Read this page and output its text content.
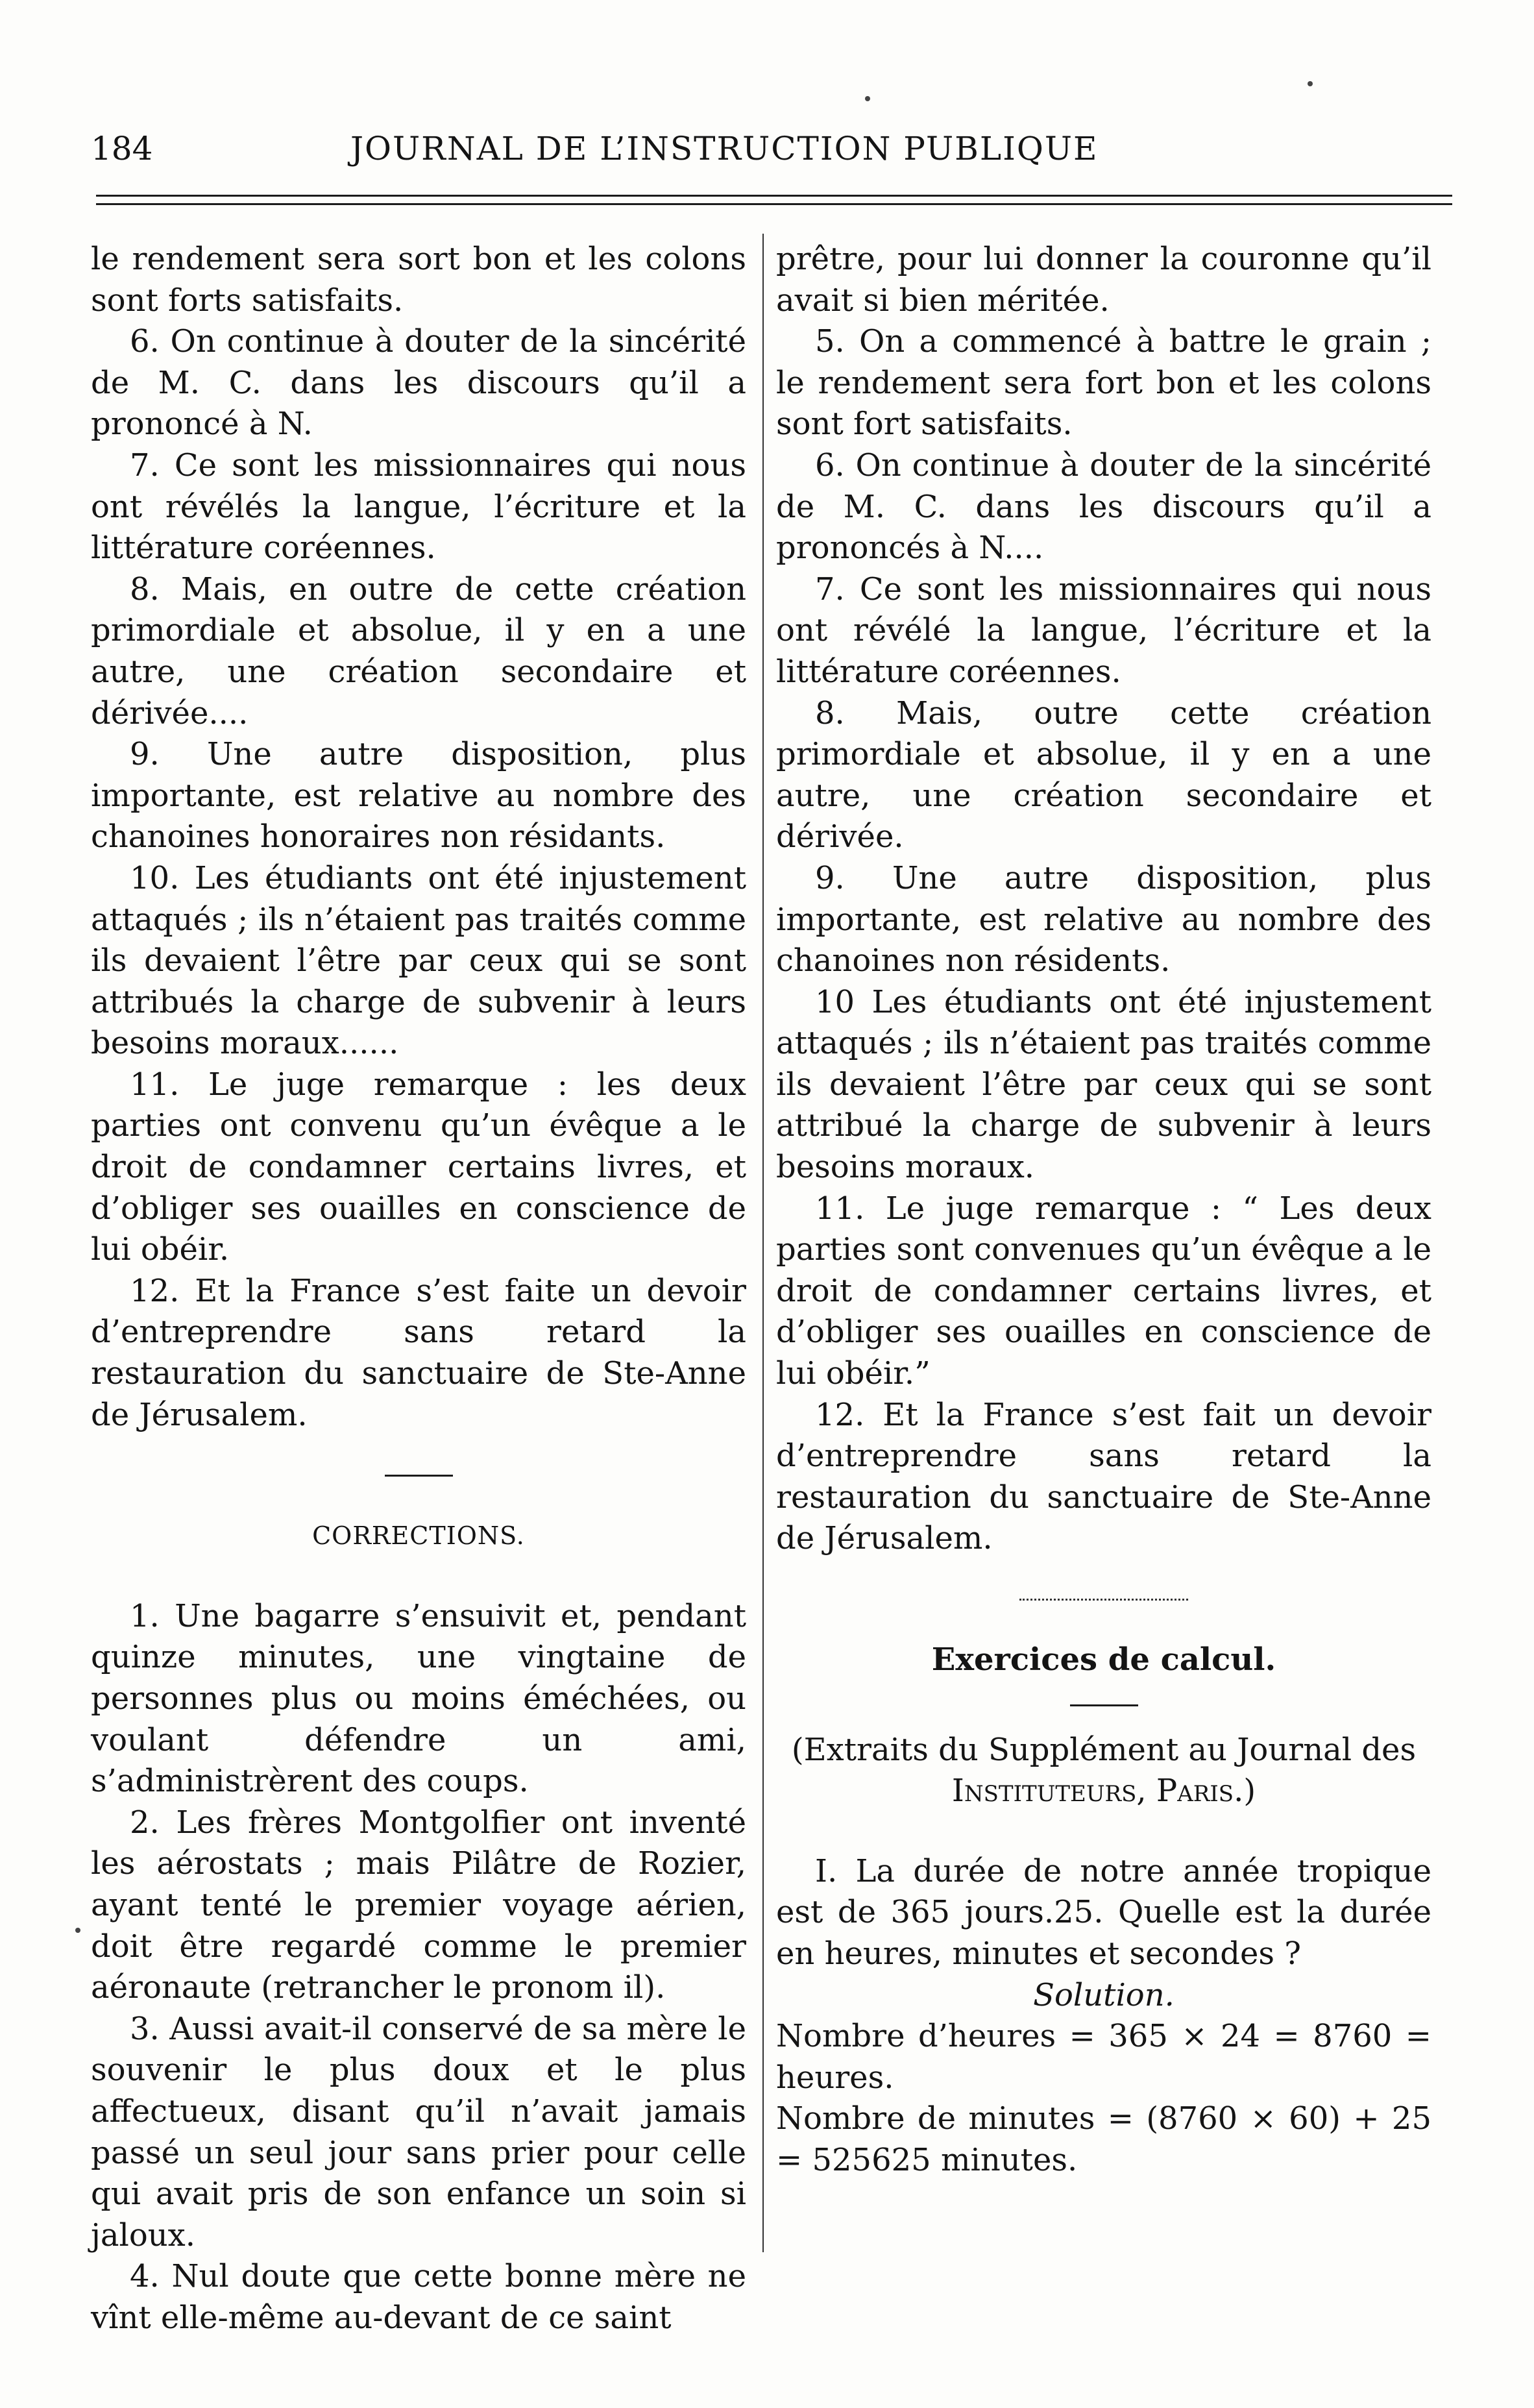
184	JOURNAL DE L’INSTRUCTION PUBLIQUE

le rendement sera sort bon et les colons sont forts satisfaits.

6. On continue à douter de la sincérité de M. C. dans les discours qu’il a prononcé à N.

7. Ce sont les missionnaires qui nous ont révélés la langue, l’écriture et la littérature coréennes.

8. Mais, en outre de cette création primordiale et absolue, il y en a une autre, une création secondaire et dérivée....

9. Une autre disposition, plus importante, est relative au nombre des chanoines honoraires non résidants.

10. Les étudiants ont été injustement attaqués ; ils n’étaient pas traités comme ils devaient l’être par ceux qui se sont attribués la charge de subvenir à leurs besoins moraux......

11. Le juge remarque : les deux parties ont convenu qu’un évêque a le droit de condamner certains livres, et d’obliger ses ouailles en conscience de lui obéir.

12. Et la France s’est faite un devoir d’entreprendre sans retard la restauration du sanctuaire de Ste-Anne de Jérusalem.

CORRECTIONS.

1. Une bagarre s’ensuivit et, pendant quinze minutes, une vingtaine de personnes plus ou moins éméchées, ou voulant défendre un ami, s’administrèrent des coups.

2. Les frères Montgolfier ont inventé les aérostats ; mais Pilâtre de Rozier, ayant tenté le premier voyage aérien, doit être regardé comme le premier aéronaute (retrancher le pronom il).

3. Aussi avait-il conservé de sa mère le souvenir le plus doux et le plus affectueux, disant qu’il n’avait jamais passé un seul jour sans prier pour celle qui avait pris de son enfance un soin si jaloux.

4. Nul doute que cette bonne mère ne vînt elle-même au-devant de ce saint

prêtre, pour lui donner la couronne qu’il avait si bien méritée.

5. On a commencé à battre le grain ; le rendement sera fort bon et les colons sont fort satisfaits.

6. On continue à douter de la sincérité de M. C. dans les discours qu’il a prononcés à N....

7. Ce sont les missionnaires qui nous ont révélé la langue, l’écriture et la littérature coréennes.

8. Mais, outre cette création primordiale et absolue, il y en a une autre, une création secondaire et dérivée.

9. Une autre disposition, plus importante, est relative au nombre des chanoines non résidents.

10 Les étudiants ont été injustement attaqués ; ils n’étaient pas traités comme ils devaient l’être par ceux qui se sont attribué la charge de subvenir à leurs besoins moraux.

11. Le juge remarque : “ Les deux parties sont convenues qu’un évêque a le droit de condamner certains livres, et d’obliger ses ouailles en conscience de lui obéir.”

12. Et la France s’est fait un devoir d’entreprendre sans retard la restauration du sanctuaire de Ste-Anne de Jérusalem.

Exercices de calcul.

(Extraits du Supplément au Journal des

Instituteurs, Paris.)

I. La durée de notre année tropique est de 365 jours.25. Quelle est la durée en heures, minutes et secondes ?

Solution.

Nombre d’heures = 365 × 24 = 8760 = heures.

Nombre de minutes = (8760 × 60) + 25 = 525625 minutes.
